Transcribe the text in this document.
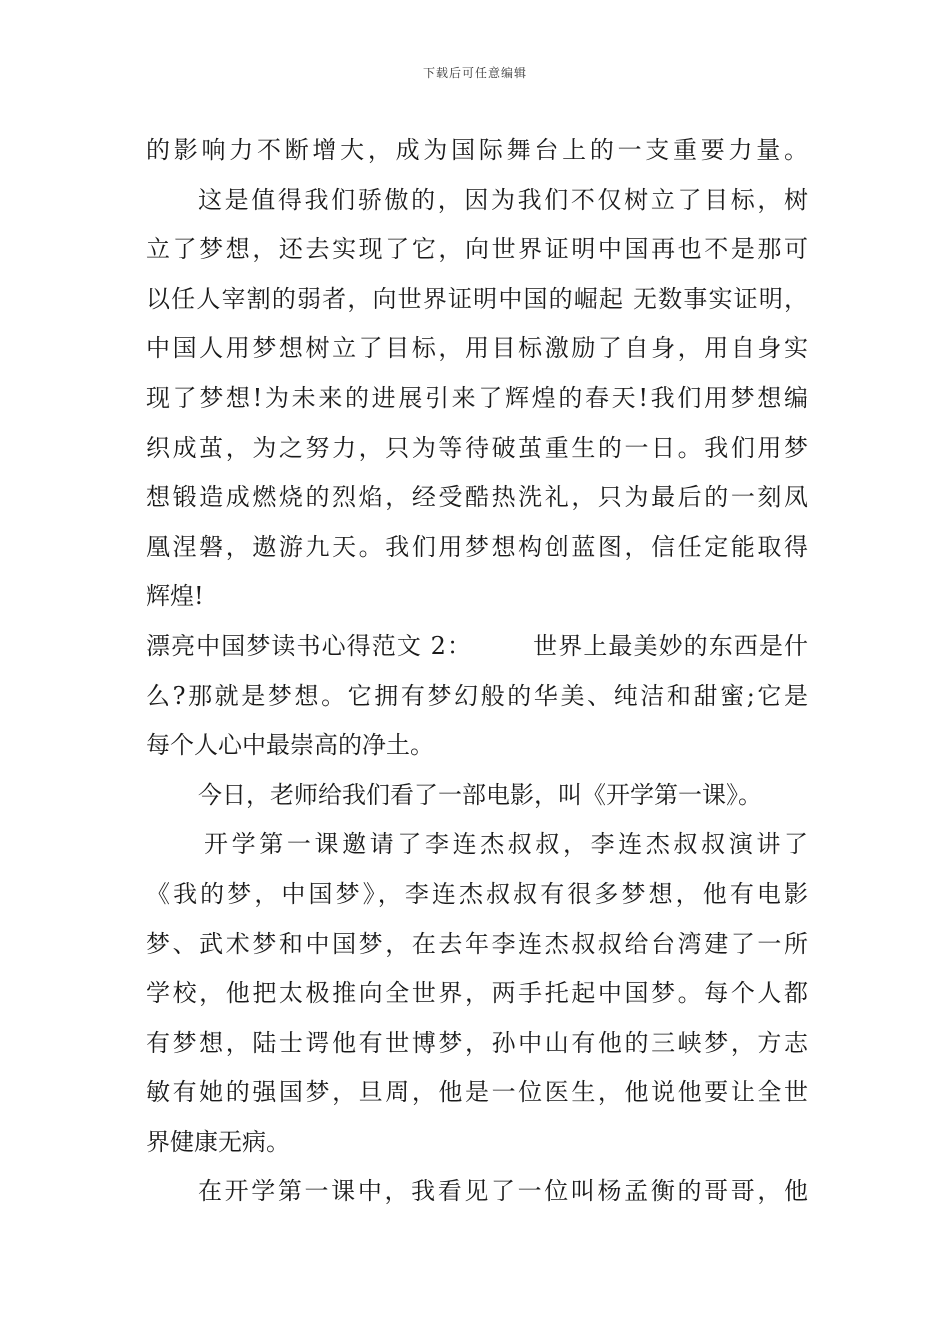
下载后可任意编辑
的影响力不断增大，成为国际舞台上的一支重要力量。
这是值得我们骄傲的，因为我们不仅树立了目标，树
立了梦想，还去实现了它，向世界证明中国再也不是那可
以任人宰割的弱者，向世界证明中国的崛起 无数事实证明，
中国人用梦想树立了目标，用目标激励了自身，用自身实
现了梦想!为未来的进展引来了辉煌的春天!我们用梦想编
织成茧，为之努力，只为等待破茧重生的一日。我们用梦
想锻造成燃烧的烈焰，经受酷热洗礼，只为最后的一刻凤
凰涅磐，遨游九天。我们用梦想构创蓝图，信任定能取得
辉煌!
漂亮中国梦读书心得范文 2：	世界上最美妙的东西是什
么?那就是梦想。它拥有梦幻般的华美、纯洁和甜蜜;它是
每个人心中最崇高的净土。
今日，老师给我们看了一部电影，叫《开学第一课》。
开学第一课邀请了李连杰叔叔，李连杰叔叔演讲了
《我的梦，中国梦》，李连杰叔叔有很多梦想，他有电影
梦、武术梦和中国梦，在去年李连杰叔叔给台湾建了一所
学校，他把太极推向全世界，两手托起中国梦。每个人都
有梦想，陆士谔他有世博梦，孙中山有他的三峡梦，方志
敏有她的强国梦，旦周，他是一位医生，他说他要让全世
界健康无病。
在开学第一课中，我看见了一位叫杨孟衡的哥哥，他
